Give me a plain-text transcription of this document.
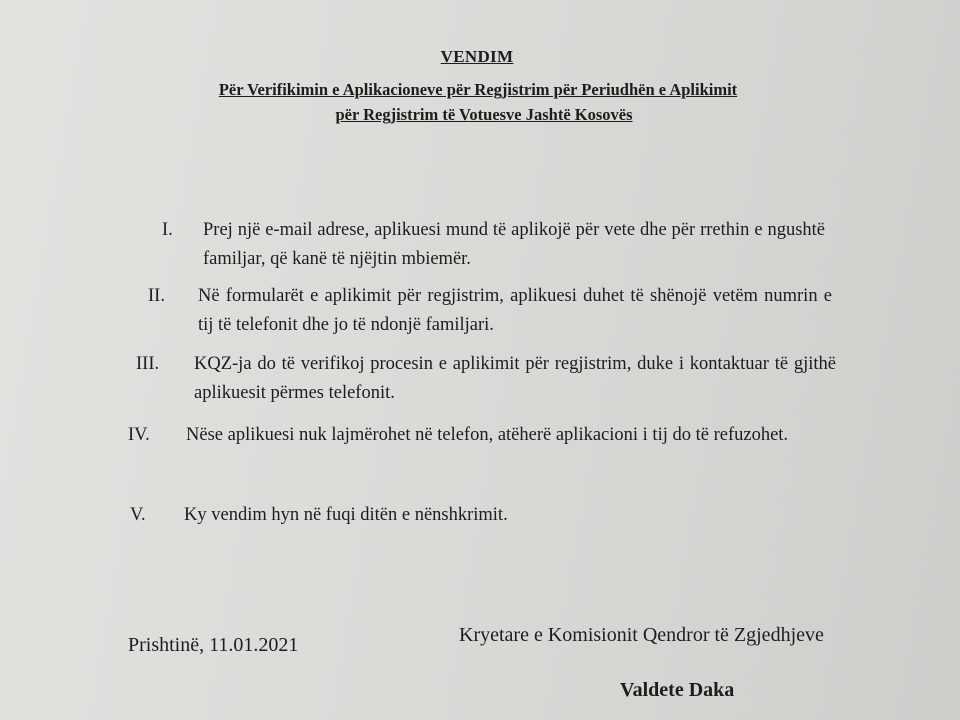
VENDIM
Për Verifikimin e Aplikacioneve për Regjistrim për Periudhën e Aplikimit
për Regjistrim të Votuesve Jashtë Kosovës
I. Prej një e-mail adrese, aplikuesi mund të aplikojë për vete dhe për rrethin e ngushtë familjar, që kanë të njëjtin mbiemër.
II. Në formularët e aplikimit për regjistrim, aplikuesi duhet të shënojë vetëm numrin e tij të telefonit dhe jo të ndonjë familjari.
III. KQZ-ja do të verifikoj procesin e aplikimit për regjistrim, duke i kontaktuar të gjithë aplikuesit përmes telefonit.
IV. Nëse aplikuesi nuk lajmërohet në telefon, atëherë aplikacioni i tij do të refuzohet.
V. Ky vendim hyn në fuqi ditën e nënshkrimit.
Prishtinë, 11.01.2021	Kryetare e Komisionit Qendror të Zgjedhjeve
Valdete Daka
